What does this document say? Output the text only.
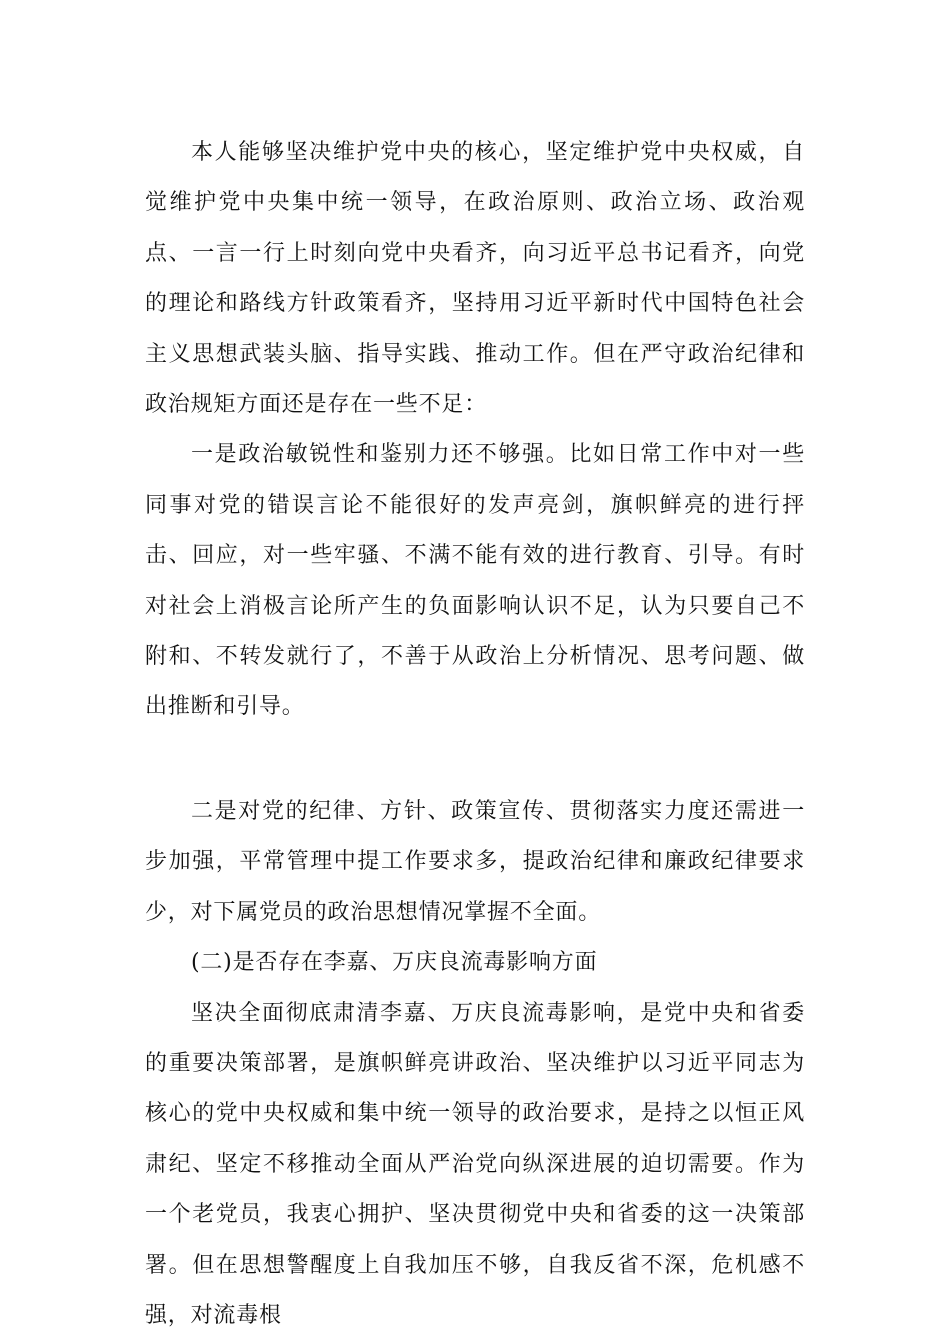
本人能够坚决维护党中央的核心，坚定维护党中央权威，自觉维护党中央集中统一领导，在政治原则、政治立场、政治观点、一言一行上时刻向党中央看齐，向习近平总书记看齐，向党的理论和路线方针政策看齐，坚持用习近平新时代中国特色社会主义思想武装头脑、指导实践、推动工作。但在严守政治纪律和政治规矩方面还是存在一些不足：

一是政治敏锐性和鉴别力还不够强。比如日常工作中对一些同事对党的错误言论不能很好的发声亮剑，旗帜鲜亮的进行抨击、回应，对一些牢骚、不满不能有效的进行教育、引导。有时对社会上消极言论所产生的负面影响认识不足，认为只要自己不附和、不转发就行了，不善于从政治上分析情况、思考问题、做出推断和引导。

二是对党的纪律、方针、政策宣传、贯彻落实力度还需进一步加强，平常管理中提工作要求多，提政治纪律和廉政纪律要求少，对下属党员的政治思想情况掌握不全面。

(二)是否存在李嘉、万庆良流毒影响方面

坚决全面彻底肃清李嘉、万庆良流毒影响，是党中央和省委的重要决策部署，是旗帜鲜亮讲政治、坚决维护以习近平同志为核心的党中央权威和集中统一领导的政治要求，是持之以恒正风肃纪、坚定不移推动全面从严治党向纵深进展的迫切需要。作为一个老党员，我衷心拥护、坚决贯彻党中央和省委的这一决策部署。但在思想警醒度上自我加压不够，自我反省不深，危机感不强，对流毒根
